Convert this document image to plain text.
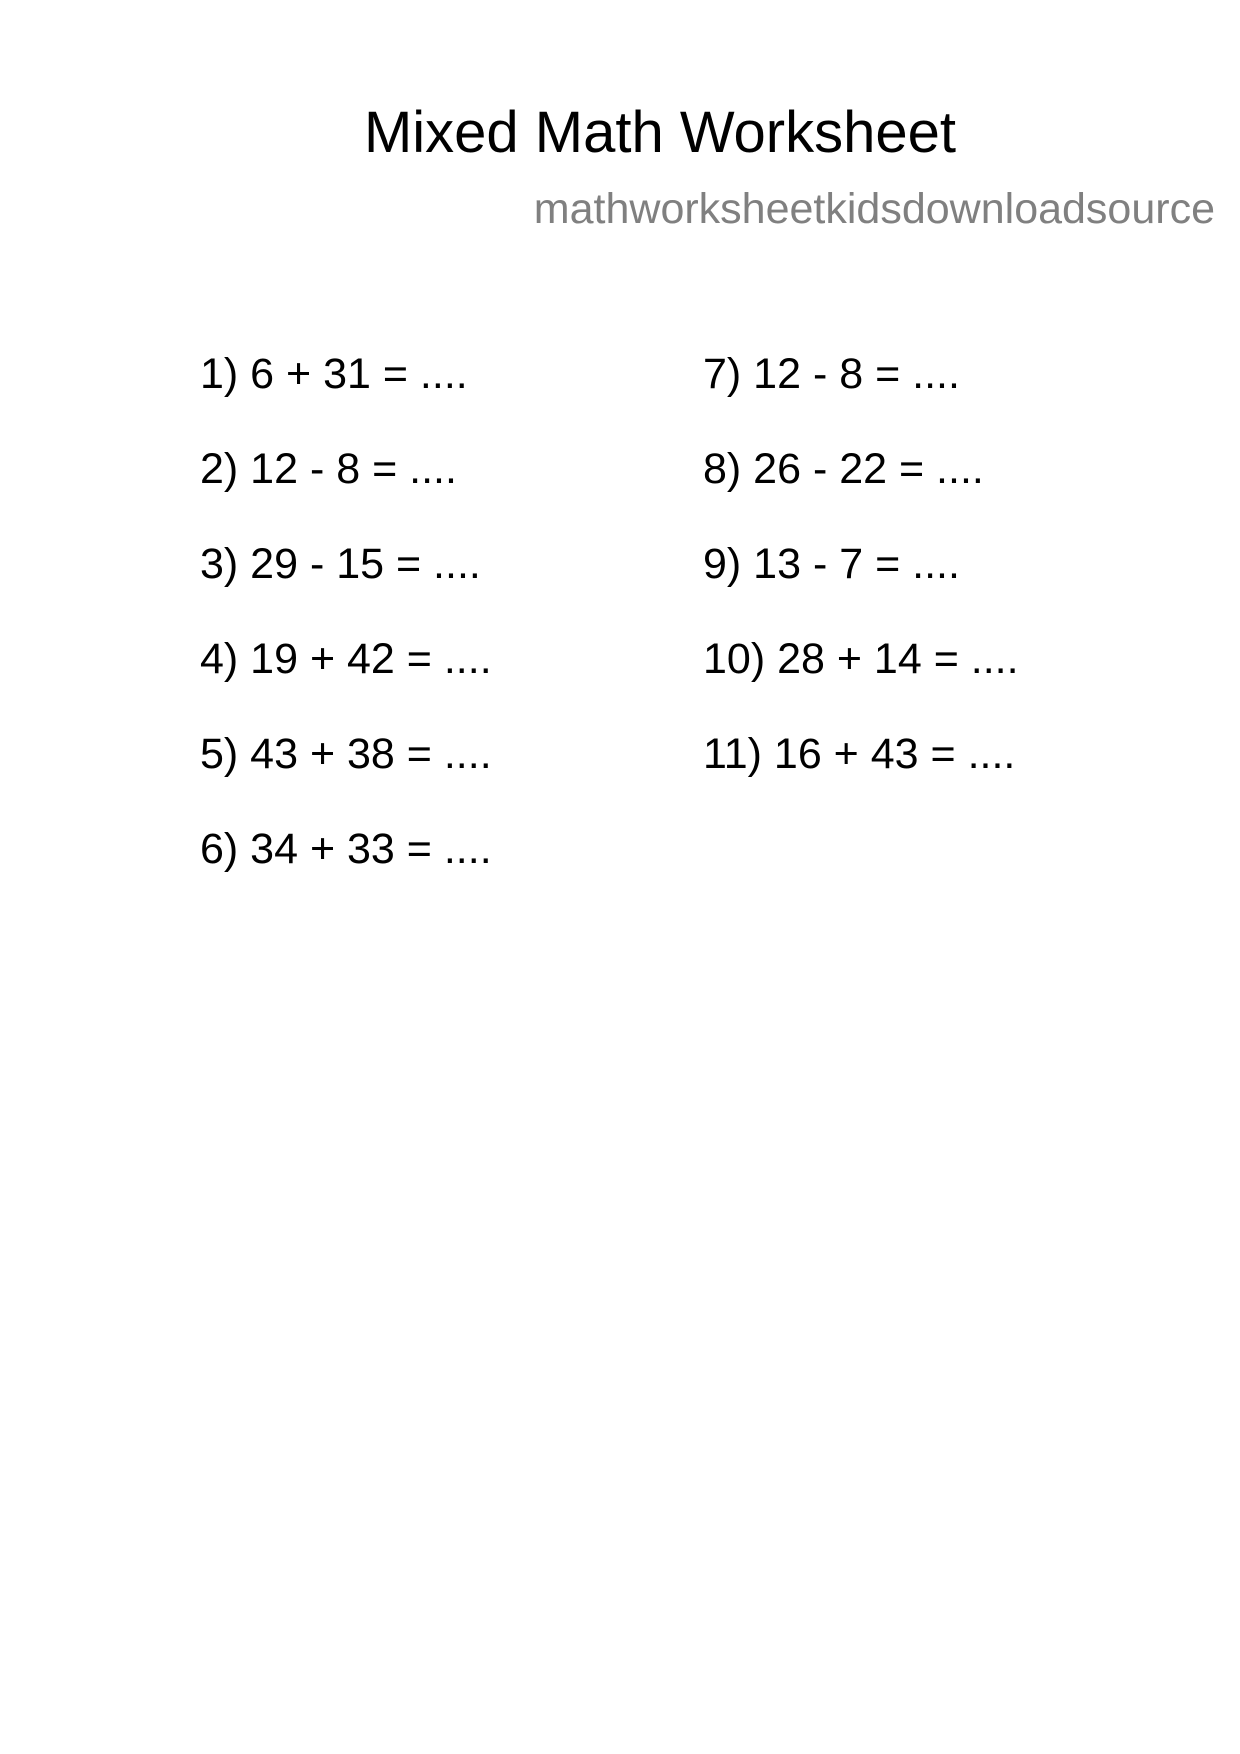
Mixed Math Worksheet
mathworksheetkidsdownloadsource
1) 6 + 31 = ....
2) 12 - 8 = ....
3) 29 - 15 = ....
4) 19 + 42 = ....
5) 43 + 38 = ....
6) 34 + 33 = ....
7) 12 - 8 = ....
8) 26 - 22 = ....
9) 13 - 7 = ....
10) 28 + 14 = ....
11) 16 + 43 = ....
